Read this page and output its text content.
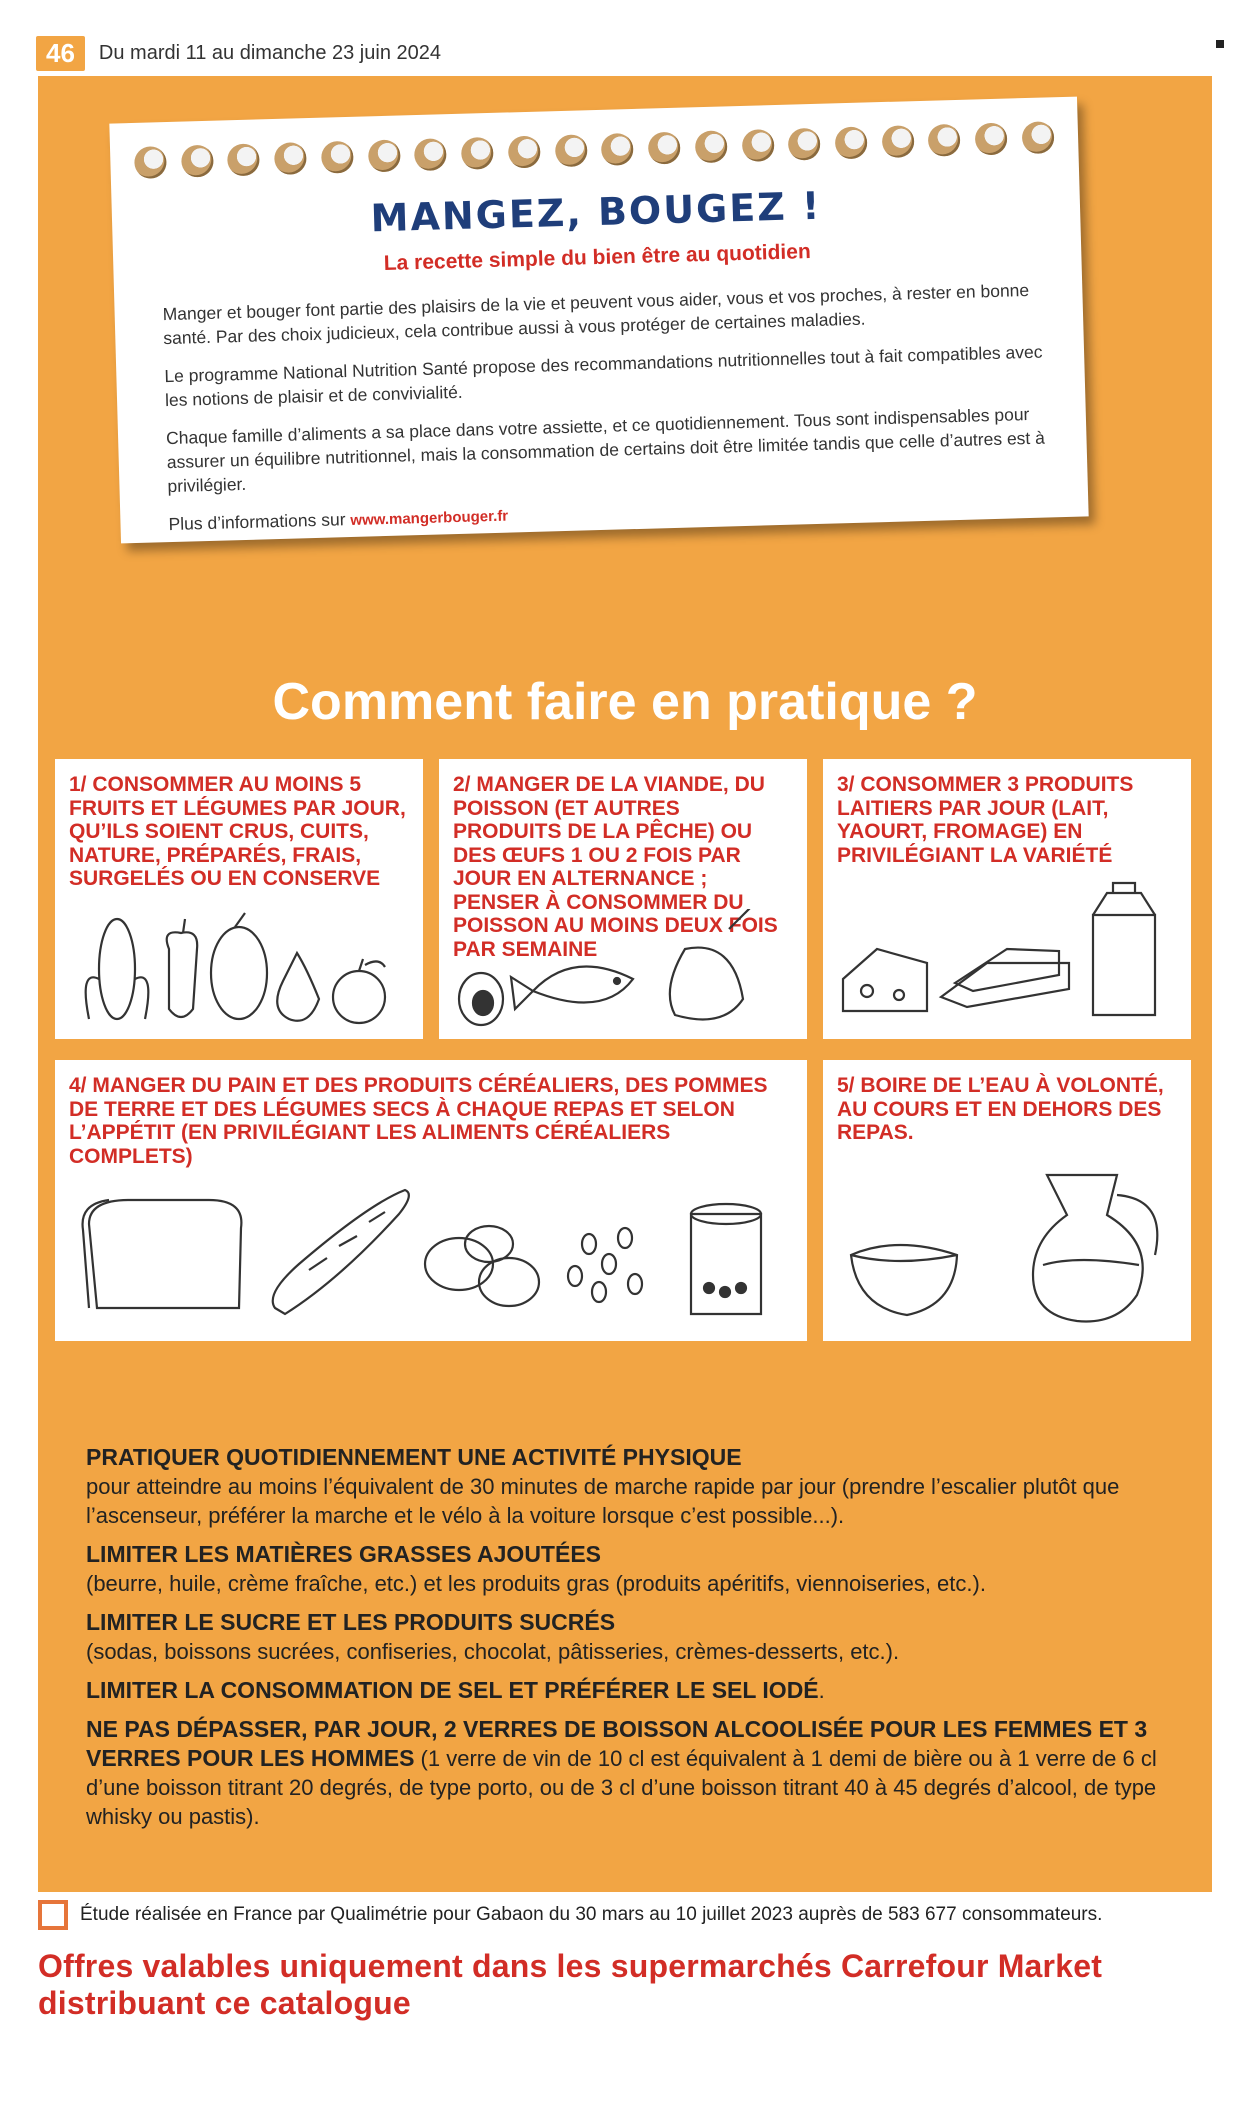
46	Du mardi 11 au dimanche 23 juin 2024
MANGEZ, BOUGEZ !
La recette simple du bien être au quotidien

Manger et bouger font partie des plaisirs de la vie et peuvent vous aider, vous et vos proches, à rester en bonne santé. Par des choix judicieux, cela contribue aussi à vous protéger de certaines maladies.

Le programme National Nutrition Santé propose des recommandations nutritionnelles tout à fait compatibles avec les notions de plaisir et de convivialité.

Chaque famille d’aliments a sa place dans votre assiette, et ce quotidiennement. Tous sont indispensables pour assurer un équilibre nutritionnel, mais la consommation de certains doit être limitée tandis que celle d’autres est à privilégier.

Plus d’informations sur www.mangerbouger.fr

Comment faire en pratique ?
1/ CONSOMMER AU MOINS 5 FRUITS ET LÉGUMES PAR JOUR, QU’ILS SOIENT CRUS, CUITS, NATURE, PRÉPARÉS, FRAIS, SURGELÉS OU EN CONSERVE
2/ MANGER DE LA VIANDE, DU POISSON (ET AUTRES PRODUITS DE LA PÊCHE) OU DES ŒUFS 1 OU 2 FOIS PAR JOUR EN ALTERNANCE ; PENSER À CONSOMMER DU POISSON AU MOINS DEUX FOIS PAR SEMAINE
3/ CONSOMMER 3 PRODUITS LAITIERS PAR JOUR (LAIT, YAOURT, FROMAGE) EN PRIVILÉGIANT LA VARIÉTÉ
4/ MANGER DU PAIN ET DES PRODUITS CÉRÉALIERS, DES POMMES DE TERRE ET DES LÉGUMES SECS À CHAQUE REPAS ET SELON L’APPÉTIT (EN PRIVILÉGIANT LES ALIMENTS CÉRÉALIERS COMPLETS)
5/ BOIRE DE L’EAU À VOLONTÉ, AU COURS ET EN DEHORS DES REPAS.

PRATIQUER QUOTIDIENNEMENT UNE ACTIVITÉ PHYSIQUE
pour atteindre au moins l’équivalent de 30 minutes de marche rapide par jour (prendre l’escalier plutôt que l’ascenseur, préférer la marche et le vélo à la voiture lorsque c’est possible...).

LIMITER LES MATIÈRES GRASSES AJOUTÉES
(beurre, huile, crème fraîche, etc.) et les produits gras (produits apéritifs, viennoiseries, etc.).

LIMITER LE SUCRE ET LES PRODUITS SUCRÉS
(sodas, boissons sucrées, confiseries, chocolat, pâtisseries, crèmes-desserts, etc.).

LIMITER LA CONSOMMATION DE SEL ET PRÉFÉRER LE SEL IODÉ.

NE PAS DÉPASSER, PAR JOUR, 2 VERRES DE BOISSON ALCOOLISÉE POUR LES FEMMES ET 3 VERRES POUR LES HOMMES (1 verre de vin de 10 cl est équivalent à 1 demi de bière ou à 1 verre de 6 cl d’une boisson titrant 20 degrés, de type porto, ou de 3 cl d’une boisson titrant 40 à 45 degrés d’alcool, de type whisky ou pastis).

Étude réalisée en France par Qualimétrie pour Gabaon du 30 mars au 10 juillet 2023 auprès de 583 677 consommateurs.
Offres valables uniquement dans les supermarchés Carrefour Market distribuant ce catalogue
